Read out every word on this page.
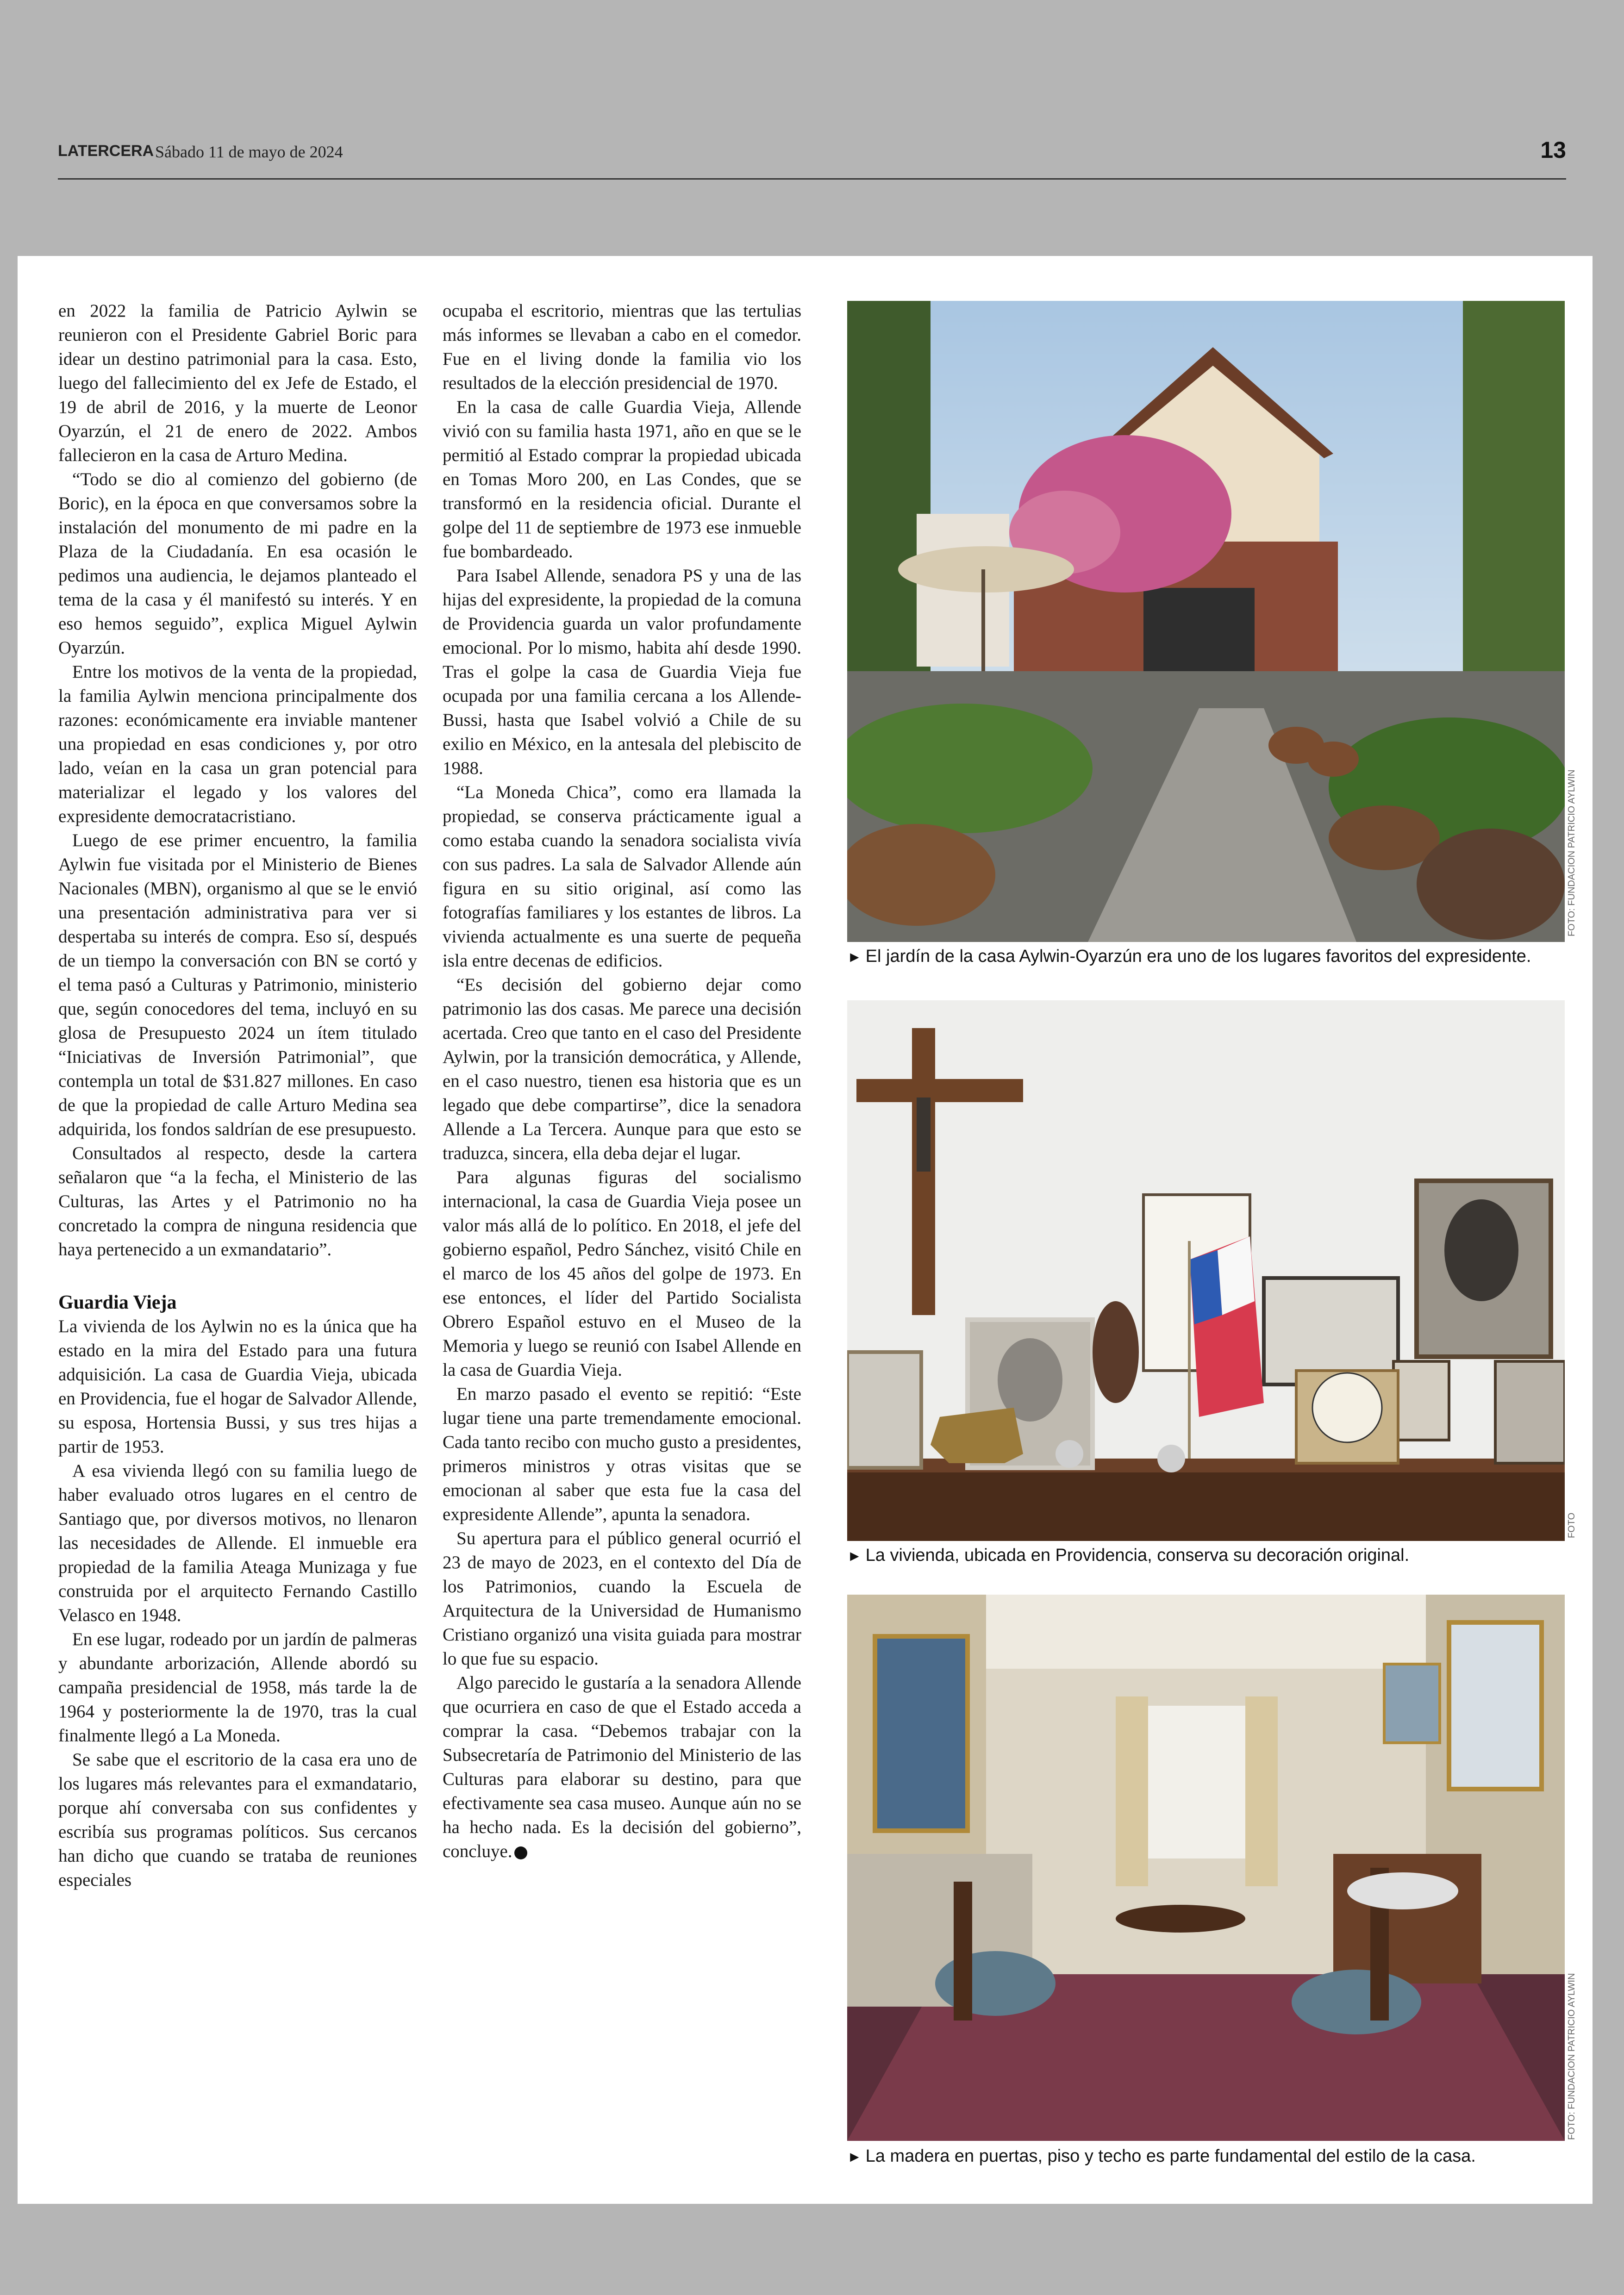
LATERCERA Sábado 11 de mayo de 2024	13

en 2022 la familia de Patricio Aylwin se reunieron con el Presidente Gabriel Boric para idear un destino patrimonial para la casa. Esto, luego del fallecimiento del ex Jefe de Estado, el 19 de abril de 2016, y la muerte de Leonor Oyarzún, el 21 de enero de 2022. Ambos fallecieron en la casa de Arturo Medina.

“Todo se dio al comienzo del gobierno (de Boric), en la época en que conversamos sobre la instalación del monumento de mi padre en la Plaza de la Ciudadanía. En esa ocasión le pedimos una audiencia, le dejamos planteado el tema de la casa y él manifestó su interés. Y en eso hemos seguido”, explica Miguel Aylwin Oyarzún.

Entre los motivos de la venta de la propiedad, la familia Aylwin menciona principalmente dos razones: económicamente era inviable mantener una propiedad en esas condiciones y, por otro lado, veían en la casa un gran potencial para materializar el legado y los valores del expresidente democratacristiano.

Luego de ese primer encuentro, la familia Aylwin fue visitada por el Ministerio de Bienes Nacionales (MBN), organismo al que se le envió una presentación administrativa para ver si despertaba su interés de compra. Eso sí, después de un tiempo la conversación con BN se cortó y el tema pasó a Culturas y Patrimonio, ministerio que, según conocedores del tema, incluyó en su glosa de Presupuesto 2024 un ítem titulado “Iniciativas de Inversión Patrimonial”, que contempla un total de $31.827 millones. En caso de que la propiedad de calle Arturo Medina sea adquirida, los fondos saldrían de ese presupuesto.

Consultados al respecto, desde la cartera señalaron que “a la fecha, el Ministerio de las Culturas, las Artes y el Patrimonio no ha concretado la compra de ninguna residencia que haya pertenecido a un exmandatario”.

Guardia Vieja

La vivienda de los Aylwin no es la única que ha estado en la mira del Estado para una futura adquisición. La casa de Guardia Vieja, ubicada en Providencia, fue el hogar de Salvador Allende, su esposa, Hortensia Bussi, y sus tres hijas a partir de 1953.

A esa vivienda llegó con su familia luego de haber evaluado otros lugares en el centro de Santiago que, por diversos motivos, no llenaron las necesidades de Allende. El inmueble era propiedad de la familia Ateaga Munizaga y fue construida por el arquitecto Fernando Castillo Velasco en 1948.

En ese lugar, rodeado por un jardín de palmeras y abundante arborización, Allende abordó su campaña presidencial de 1958, más tarde la de 1964 y posteriormente la de 1970, tras la cual finalmente llegó a La Moneda.

Se sabe que el escritorio de la casa era uno de los lugares más relevantes para el exmandatario, porque ahí conversaba con sus confidentes y escribía sus programas políticos. Sus cercanos han dicho que cuando se trataba de reuniones especiales

ocupaba el escritorio, mientras que las tertulias más informes se llevaban a cabo en el comedor. Fue en el living donde la familia vio los resultados de la elección presidencial de 1970.

En la casa de calle Guardia Vieja, Allende vivió con su familia hasta 1971, año en que se le permitió al Estado comprar la propiedad ubicada en Tomas Moro 200, en Las Condes, que se transformó en la residencia oficial. Durante el golpe del 11 de septiembre de 1973 ese inmueble fue bombardeado.

Para Isabel Allende, senadora PS y una de las hijas del expresidente, la propiedad de la comuna de Providencia guarda un valor profundamente emocional. Por lo mismo, habita ahí desde 1990. Tras el golpe la casa de Guardia Vieja fue ocupada por una familia cercana a los Allende-Bussi, hasta que Isabel volvió a Chile de su exilio en México, en la antesala del plebiscito de 1988.

“La Moneda Chica”, como era llamada la propiedad, se conserva prácticamente igual a como estaba cuando la senadora socialista vivía con sus padres. La sala de Salvador Allende aún figura en su sitio original, así como las fotografías familiares y los estantes de libros. La vivienda actualmente es una suerte de pequeña isla entre decenas de edificios.

“Es decisión del gobierno dejar como patrimonio las dos casas. Me parece una decisión acertada. Creo que tanto en el caso del Presidente Aylwin, por la transición democrática, y Allende, en el caso nuestro, tienen esa historia que es un legado que debe compartirse”, dice la senadora Allende a La Tercera. Aunque para que esto se traduzca, sincera, ella deba dejar el lugar.

Para algunas figuras del socialismo internacional, la casa de Guardia Vieja posee un valor más allá de lo político. En 2018, el jefe del gobierno español, Pedro Sánchez, visitó Chile en el marco de los 45 años del golpe de 1973. En ese entonces, el líder del Partido Socialista Obrero Español estuvo en el Museo de la Memoria y luego se reunió con Isabel Allende en la casa de Guardia Vieja.

En marzo pasado el evento se repitió: “Este lugar tiene una parte tremendamente emocional. Cada tanto recibo con mucho gusto a presidentes, primeros ministros y otras visitas que se emocionan al saber que esta fue la casa del expresidente Allende”, apunta la senadora.

Su apertura para el público general ocurrió el 23 de mayo de 2023, en el contexto del Día de los Patrimonios, cuando la Escuela de Arquitectura de la Universidad de Humanismo Cristiano organizó una visita guiada para mostrar lo que fue su espacio.

Algo parecido le gustaría a la senadora Allende que ocurriera en caso de que el Estado acceda a comprar la casa. “Debemos trabajar con la Subsecretaría de Patrimonio del Ministerio de las Culturas para elaborar su destino, para que efectivamente sea casa museo. Aunque aún no se ha hecho nada. Es la decisión del gobierno”, concluye.

FOTO: FUNDACION PATRICIO AYLWIN
► El jardín de la casa Aylwin-Oyarzún era uno de los lugares favoritos del expresidente.
FOTO
► La vivienda, ubicada en Providencia, conserva su decoración original.
FOTO: FUNDACION PATRICIO AYLWIN
► La madera en puertas, piso y techo es parte fundamental del estilo de la casa.
